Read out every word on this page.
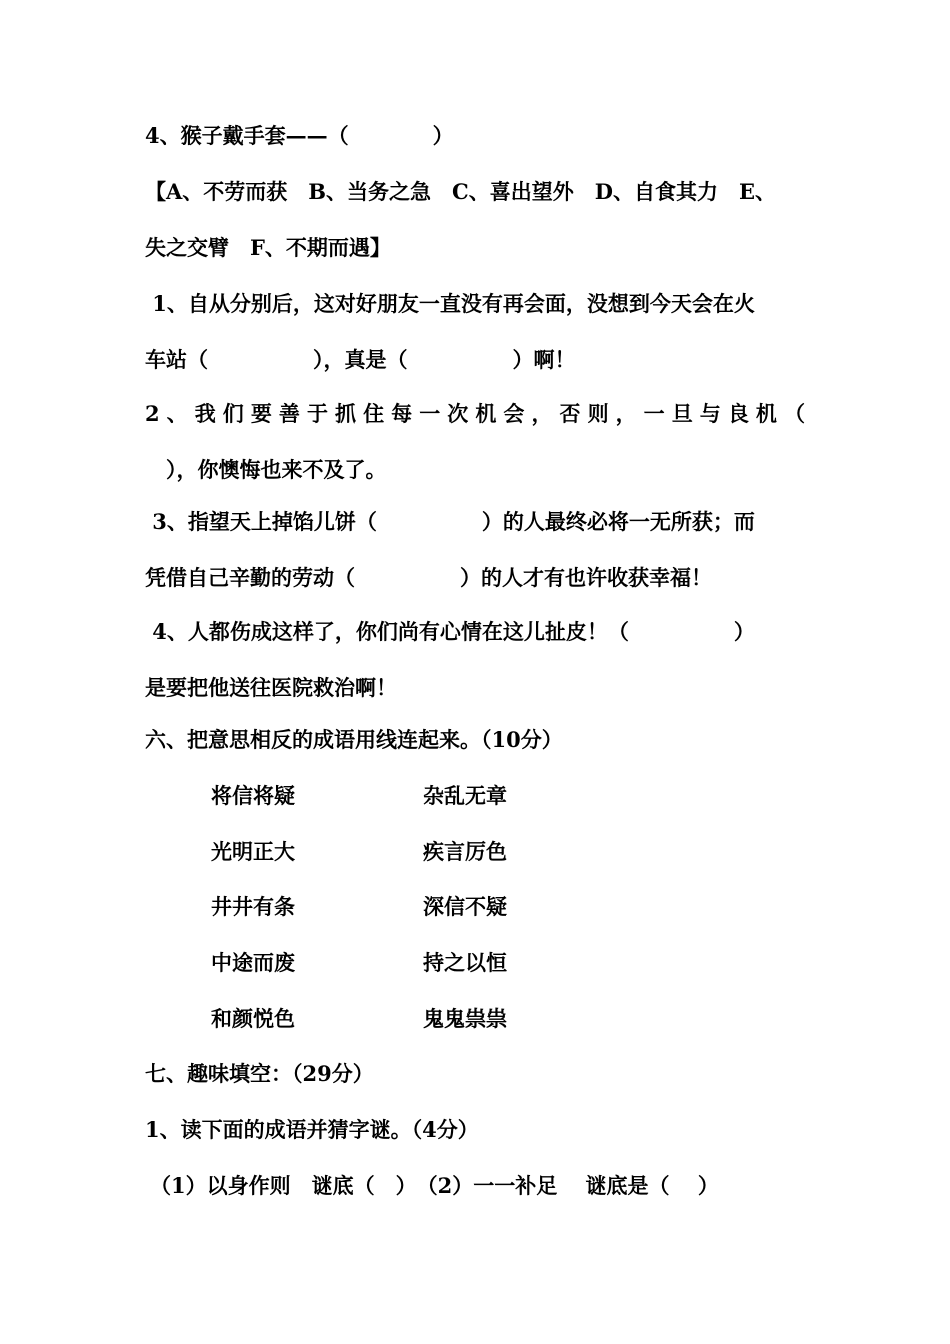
4、猴子戴手套——（　　　　）
【A、不劳而获　B、当务之急　C、喜出望外　D、自食其力　E、
失之交臂　F、不期而遇】
1、自从分别后，这对好朋友一直没有再会面，没想到今天会在火
车站（　　　　　），真是（　　　　　）啊！
2、我们要善于抓住每一次机会，否则，一旦与良机（
　），你懊悔也来不及了。
3、指望天上掉馅儿饼（　　　　　）的人最终必将一无所获；而
凭借自己辛勤的劳动（　　　　　）的人才有也许收获幸福！
4、人都伤成这样了，你们尚有心情在这儿扯皮！（　　　　　）
是要把他送往医院救治啊！
六、把意思相反的成语用线连起来。（10分）
将信将疑	杂乱无章
光明正大	疾言厉色
井井有条	深信不疑
中途而废	持之以恒
和颜悦色	鬼鬼祟祟
七、趣味填空：（29分）
1、读下面的成语并猜字谜。（4分）
（1）以身作则　谜底（　）　（2）一一补足　 谜底是（　 ）
